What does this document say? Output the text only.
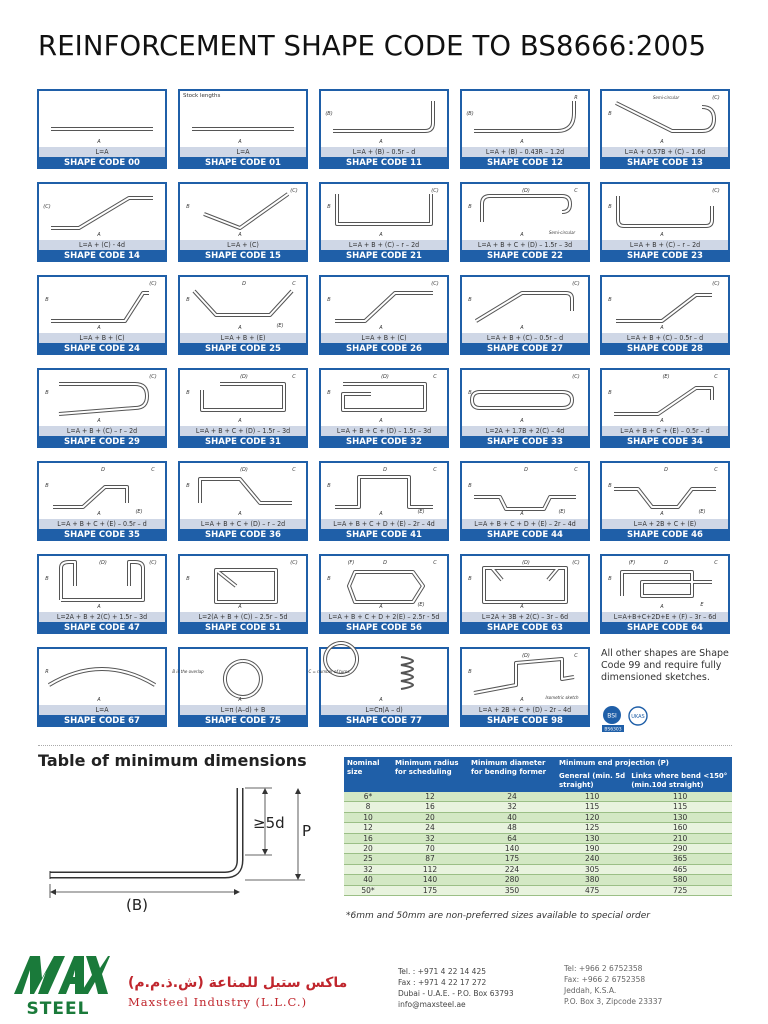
REINFORCEMENT SHAPE CODE TO BS8666:2005
A
L=A
SHAPE CODE 00
A
Stock lengths
L=A
SHAPE CODE 01
A
(B)
L=A + (B) – 0.5r – d
SHAPE CODE 11
A
(B)
R
L=A + (B) – 0.43R – 1.2d
SHAPE CODE 12
A
B
(C)
Semi-circular
L=A + 0.57B + (C) – 1.6d
SHAPE CODE 13
A
(C)
L=A + (C) - 4d
SHAPE CODE 14
A
B
(C)
L=A + (C)
SHAPE CODE 15
A
B
(C)
L=A + B + (C) – r – 2d
SHAPE CODE 21
A
B
C
(D)
Semi-circular
L=A + B + C + (D) – 1.5r – 3d
SHAPE CODE 22
A
B
(C)
L=A + B + (C) – r – 2d
SHAPE CODE 23
A
B
(C)
L=A + B + (C)
SHAPE CODE 24
A
B
C
D
(E)
L=A + B + (E)
SHAPE CODE 25
A
B
(C)
L=A + B + (C)
SHAPE CODE 26
A
B
(C)
L=A + B + (C) – 0.5r – d
SHAPE CODE 27
A
B
(C)
L=A + B + (C) – 0.5r – d
SHAPE CODE 28
A
B
(C)
L=A + B + (C) – r – 2d
SHAPE CODE 29
A
B
C
(D)
L=A + B + C + (D) – 1.5r – 3d
SHAPE CODE 31
A
B
C
(D)
L=A + B + C + (D) – 1.5r – 3d
SHAPE CODE 32
A
B
(C)
L=2A + 1.7B + 2(C) – 4d
SHAPE CODE 33
A
B
C
(E)
L=A + B + C + (E) – 0.5r – d
SHAPE CODE 34
A
B
C
D
(E)
L=A + B + C + (E) – 0.5r – d
SHAPE CODE 35
A
B
C
(D)
L=A + B + C + (D) – r – 2d
SHAPE CODE 36
A
B
C
D
(E)
L=A + B + C + D + (E) – 2r – 4d
SHAPE CODE 41
A
B
C
D
(E)
L=A + B + C + D + (E) – 2r – 4d
SHAPE CODE 44
A
B
C
D
(E)
L=A + 2B + C + (E)
SHAPE CODE 46
A
B
(C)
(D)
L=2A + B + 2(C) + 1.5r – 3d
SHAPE CODE 47
A
B
(C)
L=2(A + B + (C)) – 2.5r – 5d
SHAPE CODE 51
A
B
C
D
(E)
(F)
L=A + B + C + D + 2(E) – 2.5r - 5d
SHAPE CODE 56
A
B
(C)
(D)
L=2A + 3B + 2(C) – 3r – 6d
SHAPE CODE 63
A
B
C
D
E
(F)
L=A+B+C+2D+E + (F) – 3r – 6d
SHAPE CODE 64
A
R
L=A
SHAPE CODE 67
A
B is the overlap
L=π (A–d) + B
SHAPE CODE 75
A
C = number of turns
L=Cπ(A – d)
SHAPE CODE 77
A
B
C
(D)
Isometric sketch
L=A + 2B + C + (D) – 2r – 4d
SHAPE CODE 98
All other shapes are Shape Code 99 and require fully dimensioned sketches.
BSI
BS6303
UKAS
Table of minimum dimensions
≥5d P
(B)
Nominal size	Minimum radius for scheduling	Minimum diameter for bending former	Minimum end projection (P)	
			General (min. 5d straight)	Links where bend <150° (min.10d straight)
6*	12	24	110	110
8	16	32	115	115
10	20	40	120	130
12	24	48	125	160
16	32	64	130	210
20	70	140	190	290
25	87	175	240	365
32	112	224	305	465
40	140	280	380	580
50*	175	350	475	725
*6mm and 50mm are non-preferred sizes available to special order
STEEL
ماكس ستيل للمناعة (ش.ذ.م.م)
Maxsteel Industry (L.L.C.)
Tel. : +971 4 22 14 425
Fax : +971 4 22 17 272
Dubai - U.A.E. - P.O. Box 63793
info@maxsteel.ae
Tel: +966 2 6752358
Fax: +966 2 6752358
Jeddah, K.S.A.
P.O. Box 3, Zipcode 23337
